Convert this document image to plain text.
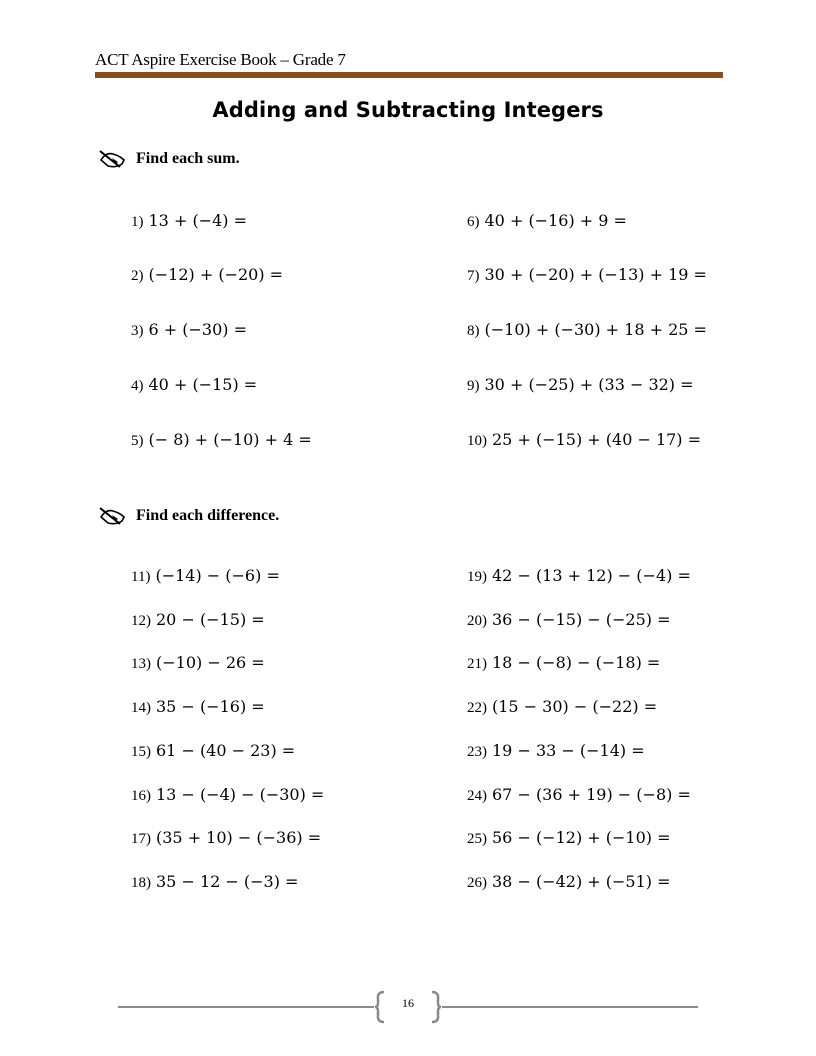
ACT Aspire Exercise Book – Grade 7
Adding and Subtracting Integers
Find each sum.
Find each difference.
1) 13 + (−4) =
2) (−12) + (−20) =
3) 6 + (−30) =
4) 40 + (−15) =
5) (− 8) + (−10) + 4 =
6) 40 + (−16) + 9 =
7) 30 + (−20) + (−13) + 19 =
8) (−10) + (−30) + 18 + 25 =
9) 30 + (−25) + (33 − 32) =
10) 25 + (−15) + (40 − 17) =
11) (−14) − (−6) =
12) 20 − (−15) =
13) (−10) − 26 =
14) 35 − (−16) =
15) 61 − (40 − 23) =
16) 13 − (−4) − (−30) =
17) (35 + 10) − (−36) =
18) 35 − 12 − (−3) =
19) 42 − (13 + 12) − (−4) =
20) 36 − (−15) − (−25) =
21) 18 − (−8) − (−18) =
22) (15 − 30) − (−22) =
23) 19 − 33 − (−14) =
24) 67 − (36 + 19) − (−8) =
25) 56 − (−12) + (−10) =
26) 38 − (−42) + (−51) =
16
